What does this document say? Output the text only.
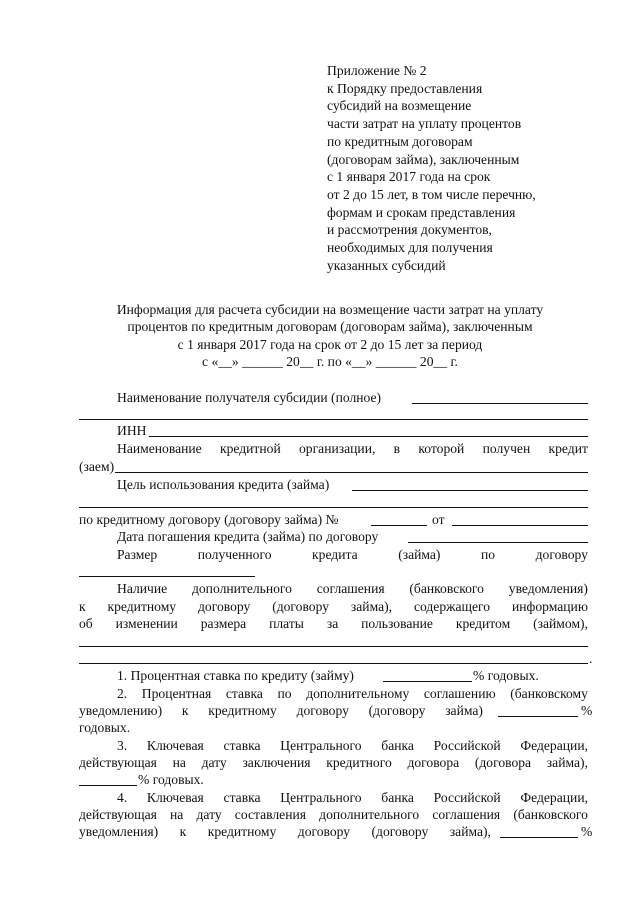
Приложение № 2
к Порядку предоставления
субсидий на возмещение
части затрат на уплату процентов
по кредитным договорам
(договорам займа), заключенным
с 1 января 2017 года на срок
от 2 до 15 лет, в том числе перечню,
формам и срокам представления
и рассмотрения документов,
необходимых для получения
указанных субсидий
Информация для расчета субсидии на возмещение части затрат на уплату
процентов по кредитным договорам (договорам займа), заключенным
с 1 января 2017 года на срок от 2 до 15 лет за период
с «__» ______ 20__ г. по «__» ______ 20__ г.
Наименование получателя субсидии (полное)
ИНН
Наименование кредитной организации, в которой получен кредит
(заем)
Цель использования кредита (займа)
по кредитному договору (договору займа) №	от
Дата погашения кредита (займа) по договору
Размер	полученного	кредита	(займа)	по	договору
Наличие дополнительного соглашения (банковского уведомления)
к кредитному договору (договору займа), содержащего информацию
об изменении размера платы за пользование кредитом (займом),
.
1. Процентная ставка по кредиту (займу)	% годовых.
2. Процентная ставка по дополнительному соглашению (банковскому
уведомлению) к кредитному договору (договору займа)	%
годовых.
3. Ключевая ставка Центрального банка Российской Федерации,
действующая на дату заключения кредитного договора (договора займа),
% годовых.
4. Ключевая ставка Центрального банка Российской Федерации,
действующая на дату составления дополнительного соглашения (банковского
уведомления) к кредитному договору (договору займа),	%
